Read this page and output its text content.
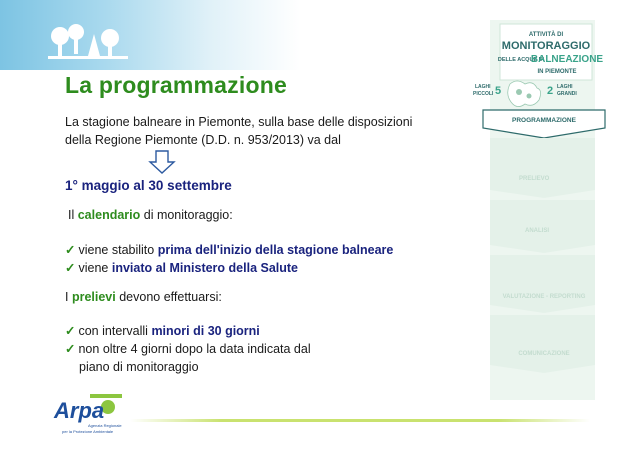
La programmazione
La stagione balneare in Piemonte, sulla base delle disposizioni
della Regione Piemonte (D.D. n. 953/2013) va dal
1° maggio al 30 settembre
Il calendario di monitoraggio:
✓ viene stabilito prima dell'inizio della stagione balneare
✓ viene inviato al Ministero della Salute
I prelievi devono effettuarsi:
✓ con intervalli minori di 30 giorni
✓ non oltre 4 giorni dopo la data indicata dal
piano di monitoraggio
ATTIVITÀ DI
MONITORAGGIO
DELLE ACQUE DI
BALNEAZIONE
IN PIEMONTE
LAGHI
PICCOLI 5	2 LAGHI
GRANDI
PROGRAMMAZIONE
PRELIEVO
ANALISI
VALUTAZIONE - REPORTING
COMUNICAZIONE
Arpa
Agenzia Regionale
per la Protezione Ambientale
